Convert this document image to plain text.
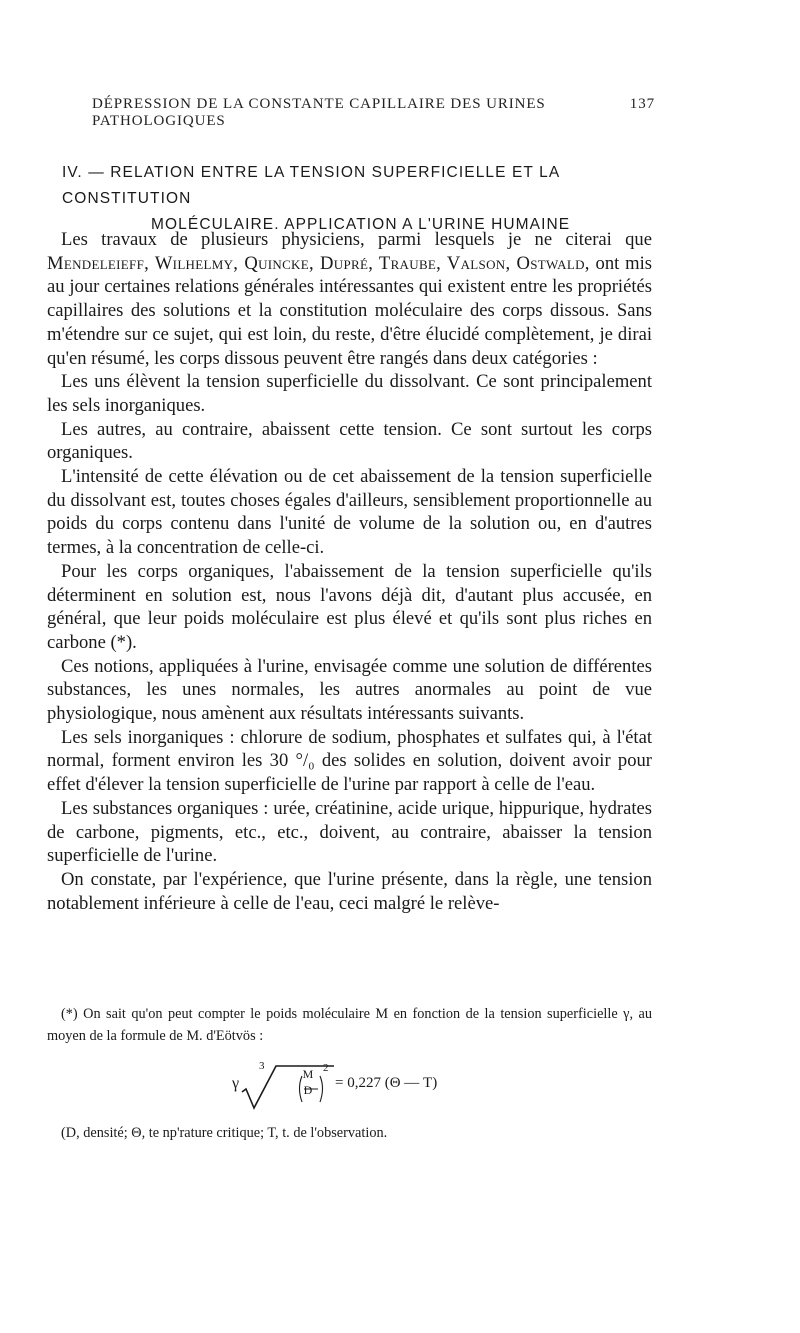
DÉPRESSION DE LA CONSTANTE CAPILLAIRE DES URINES PATHOLOGIQUES
137
IV. — RELATION ENTRE LA TENSION SUPERFICIELLE ET LA CONSTITUTION
MOLÉCULAIRE. APPLICATION A L'URINE HUMAINE

Les travaux de plusieurs physiciens, parmi lesquels je ne citerai que Mendeleieff, Wilhelmy, Quincke, Dupré, Traube, Valson, Ostwald, ont mis au jour certaines relations générales intéressantes qui existent entre les propriétés capillaires des solutions et la constitution moléculaire des corps dissous. Sans m'étendre sur ce sujet, qui est loin, du reste, d'être élucidé complètement, je dirai qu'en résumé, les corps dissous peuvent être rangés dans deux catégories :

Les uns élèvent la tension superficielle du dissolvant. Ce sont principalement les sels inorganiques.

Les autres, au contraire, abaissent cette tension. Ce sont surtout les corps organiques.

L'intensité de cette élévation ou de cet abaissement de la tension superficielle du dissolvant est, toutes choses égales d'ailleurs, sensiblement proportionnelle au poids du corps contenu dans l'unité de volume de la solution ou, en d'autres termes, à la concentration de celle-ci.

Pour les corps organiques, l'abaissement de la tension superficielle qu'ils déterminent en solution est, nous l'avons déjà dit, d'autant plus accusée, en général, que leur poids moléculaire est plus élevé et qu'ils sont plus riches en carbone (*).

Ces notions, appliquées à l'urine, envisagée comme une solution de différentes substances, les unes normales, les autres anormales au point de vue physiologique, nous amènent aux résultats intéressants suivants.

Les sels inorganiques : chlorure de sodium, phosphates et sulfates qui, à l'état normal, forment environ les 30 °/₀ des solides en solution, doivent avoir pour effet d'élever la tension superficielle de l'urine par rapport à celle de l'eau.

Les substances organiques : urée, créatinine, acide urique, hippurique, hydrates de carbone, pigments, etc., etc., doivent, au contraire, abaisser la tension superficielle de l'urine.

On constate, par l'expérience, que l'urine présente, dans la règle, une tension notablement inférieure à celle de l'eau, ceci malgré le relève-

(*) On sait qu'on peut compter le poids moléculaire M en fonction de la tension superficielle γ, au moyen de la formule de M. d'Eötvös :

γ
3
M
D
2
= 0,227 (Θ — T)
(D, densité; Θ, te np'rature critique; T, t. de l'observation.
